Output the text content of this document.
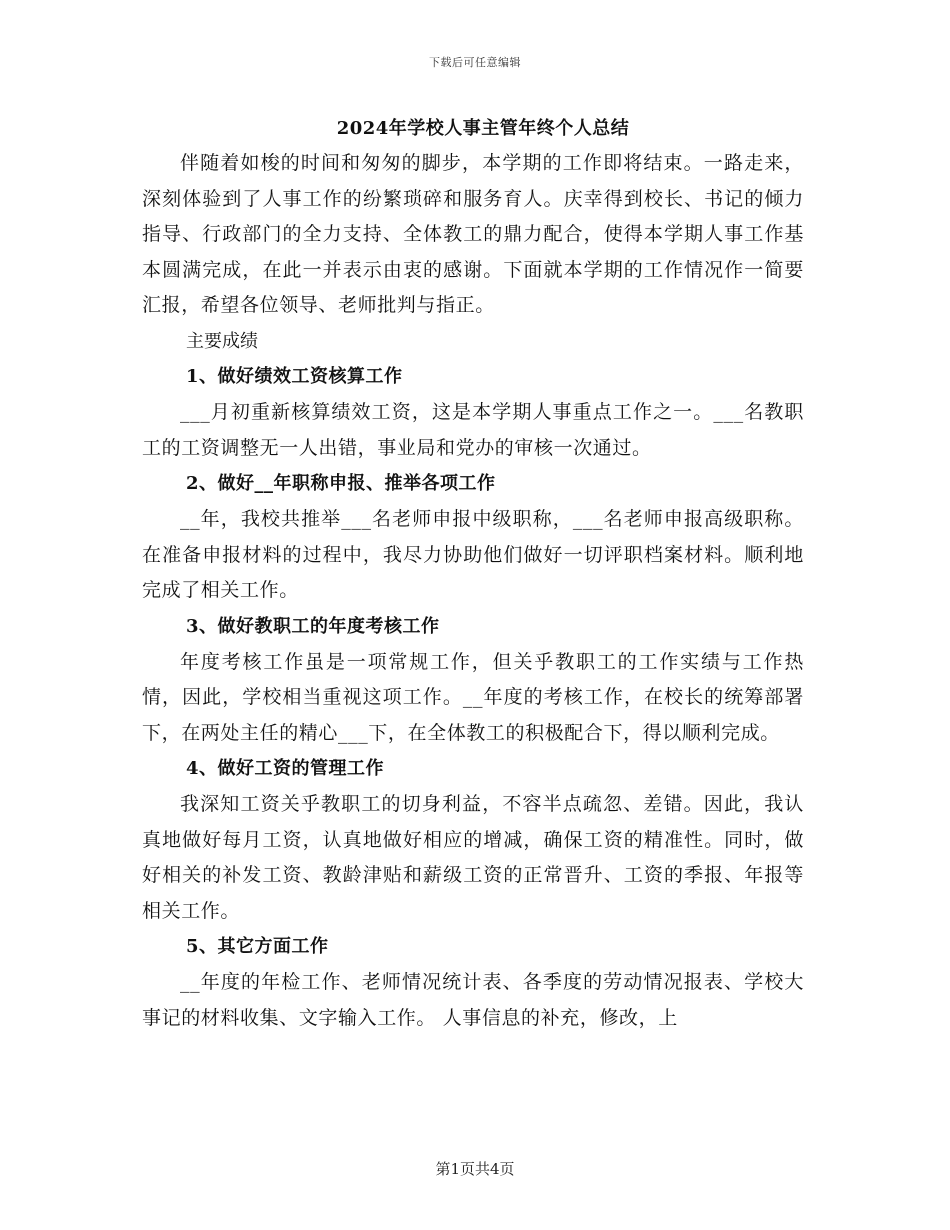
下载后可任意编辑
2024年学校人事主管年终个人总结

伴随着如梭的时间和匆匆的脚步，本学期的工作即将结束。一路走来，深刻体验到了人事工作的纷繁琐碎和服务育人。庆幸得到校长、书记的倾力指导、行政部门的全力支持、全体教工的鼎力配合，使得本学期人事工作基本圆满完成，在此一并表示由衷的感谢。下面就本学期的工作情况作一简要汇报，希望各位领导、老师批判与指正。

主要成绩

1、做好绩效工资核算工作

___月初重新核算绩效工资，这是本学期人事重点工作之一。___名教职工的工资调整无一人出错，事业局和党办的审核一次通过。

2、做好__年职称申报、推举各项工作

__年，我校共推举___名老师申报中级职称，___名老师申报高级职称。在准备申报材料的过程中，我尽力协助他们做好一切评职档案材料。顺利地完成了相关工作。

3、做好教职工的年度考核工作

年度考核工作虽是一项常规工作，但关乎教职工的工作实绩与工作热情，因此，学校相当重视这项工作。__年度的考核工作，在校长的统筹部署下，在两处主任的精心___下，在全体教工的积极配合下，得以顺利完成。

4、做好工资的管理工作

我深知工资关乎教职工的切身利益，不容半点疏忽、差错。因此，我认真地做好每月工资，认真地做好相应的增减，确保工资的精准性。同时，做好相关的补发工资、教龄津贴和薪级工资的正常晋升、工资的季报、年报等相关工作。

5、其它方面工作

__年度的年检工作、老师情况统计表、各季度的劳动情况报表、学校大事记的材料收集、文字输入工作。 人事信息的补充，修改，上

第1页共4页
